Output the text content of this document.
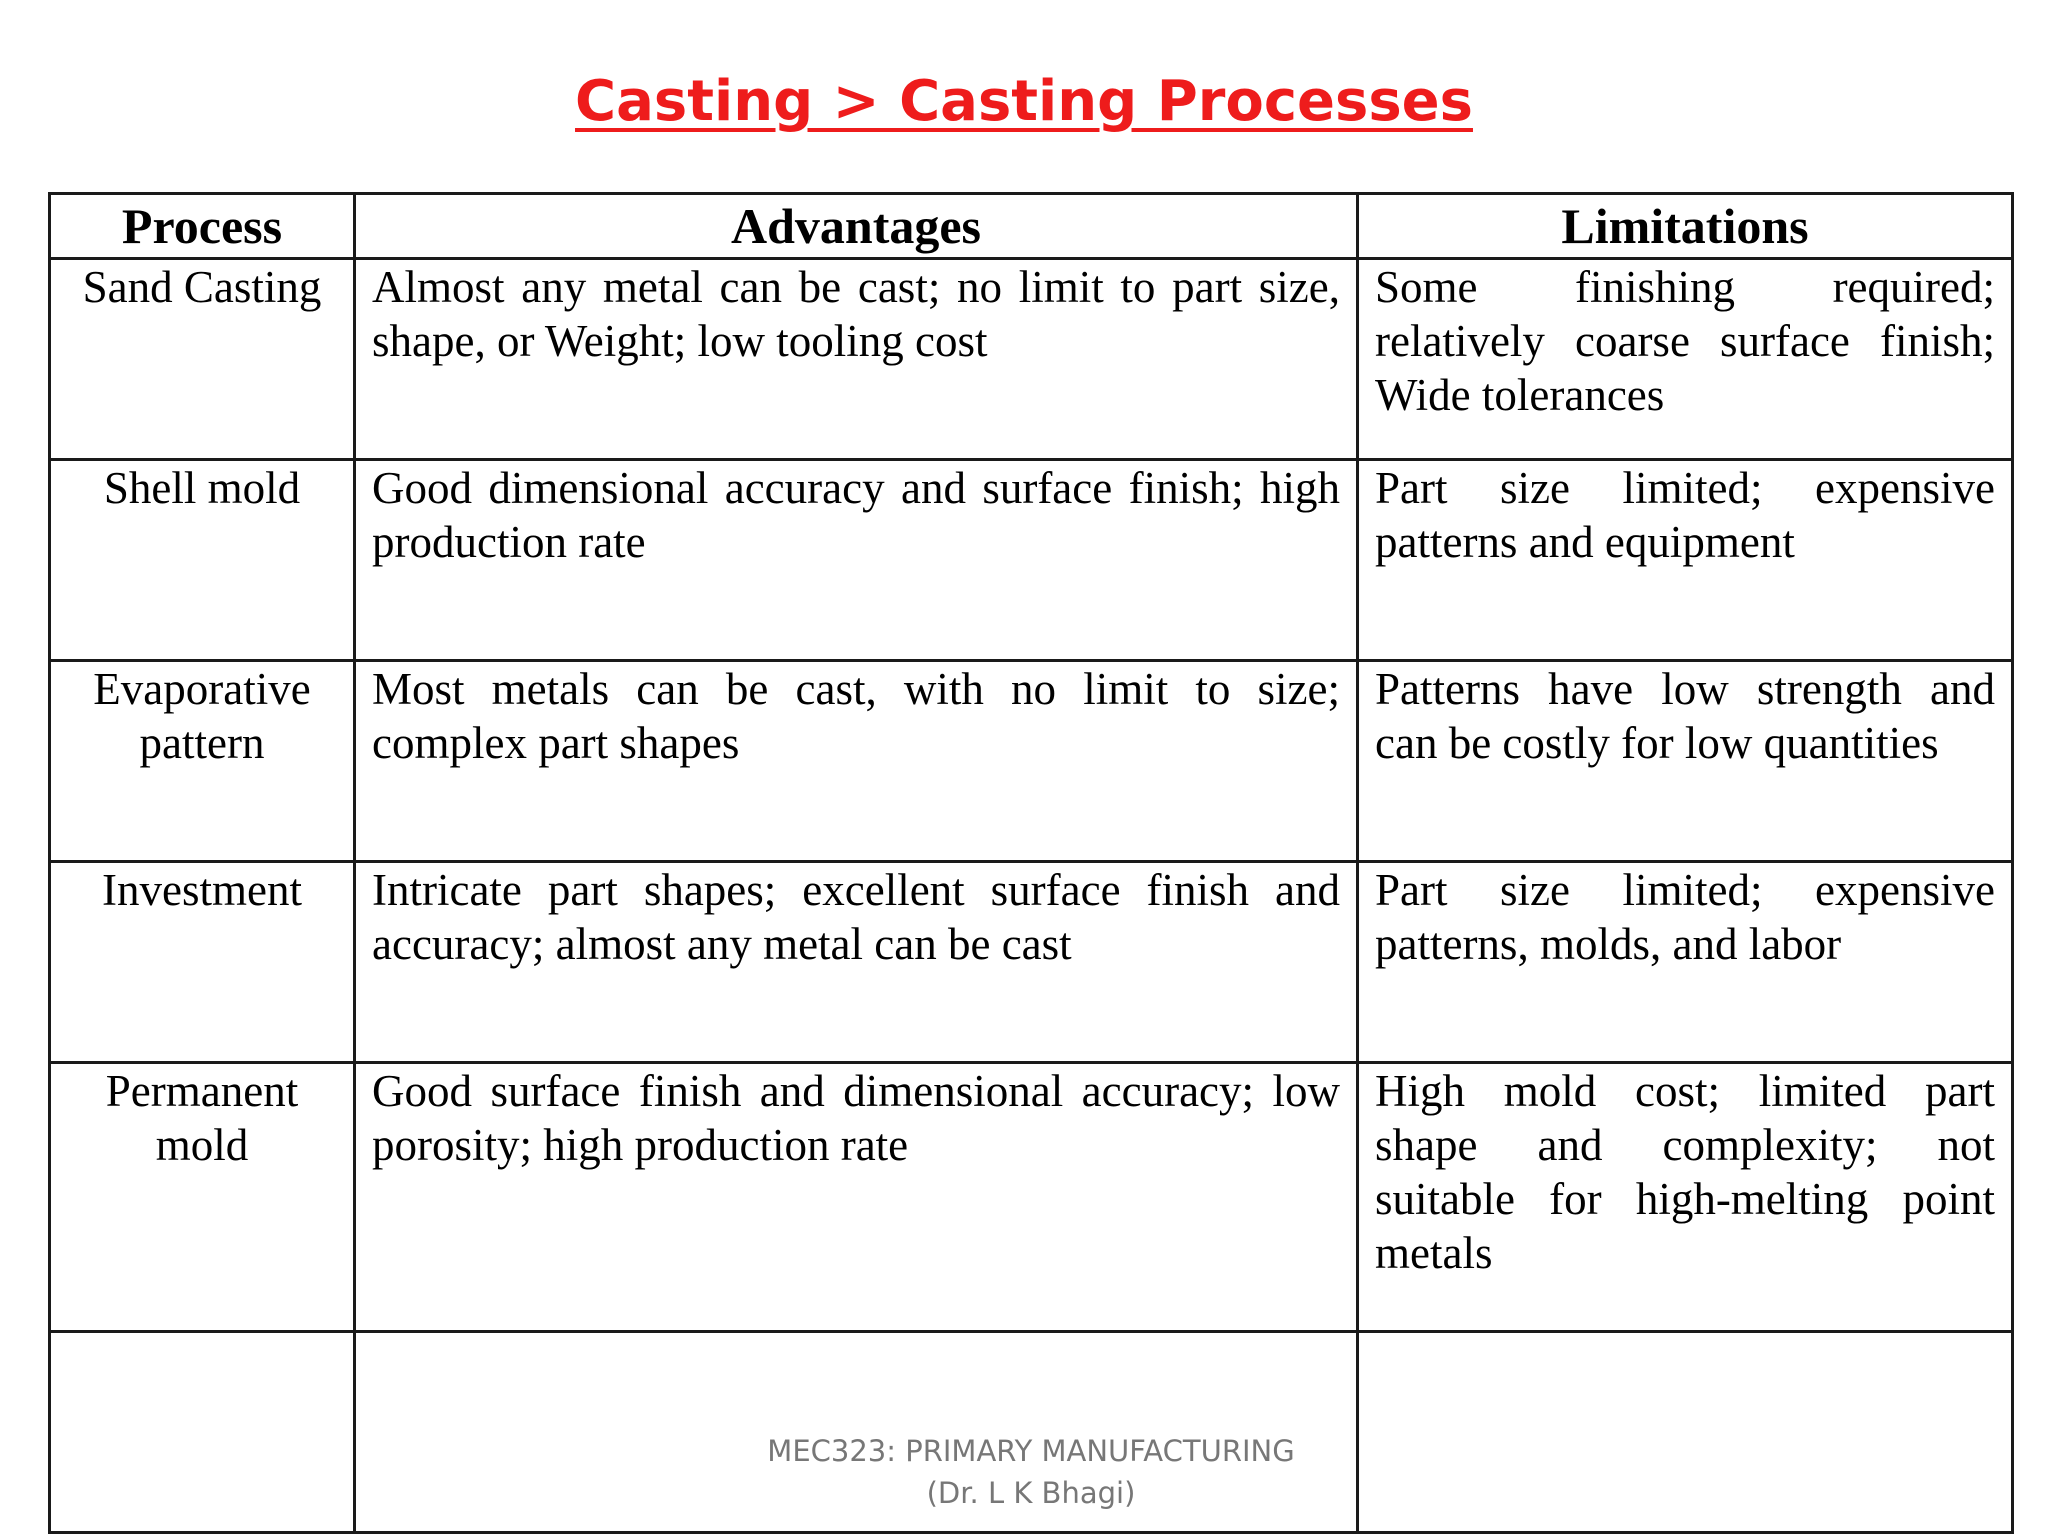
Casting > Casting Processes
Process	Advantages	Limitations
Sand Casting	Almost any metal can be cast; no limit to part size, shape, or Weight; low tooling cost	Some finishing required; relatively coarse surface finish; Wide tolerances
Shell mold	Good dimensional accuracy and surface finish; high production rate	Part size limited; expensive patterns and equipment
Evaporative pattern	Most metals can be cast, with no limit to size; complex part shapes	Patterns have low strength and can be costly for low quantities
Investment	Intricate part shapes; excellent surface finish and accuracy; almost any metal can be cast	Part size limited; expensive patterns, molds, and labor
Permanent mold	Good surface finish and dimensional accuracy; low porosity; high production rate	High mold cost; limited part shape and complexity; not suitable for high-melting point metals

MEC323: PRIMARY MANUFACTURING
(Dr. L K Bhagi)
